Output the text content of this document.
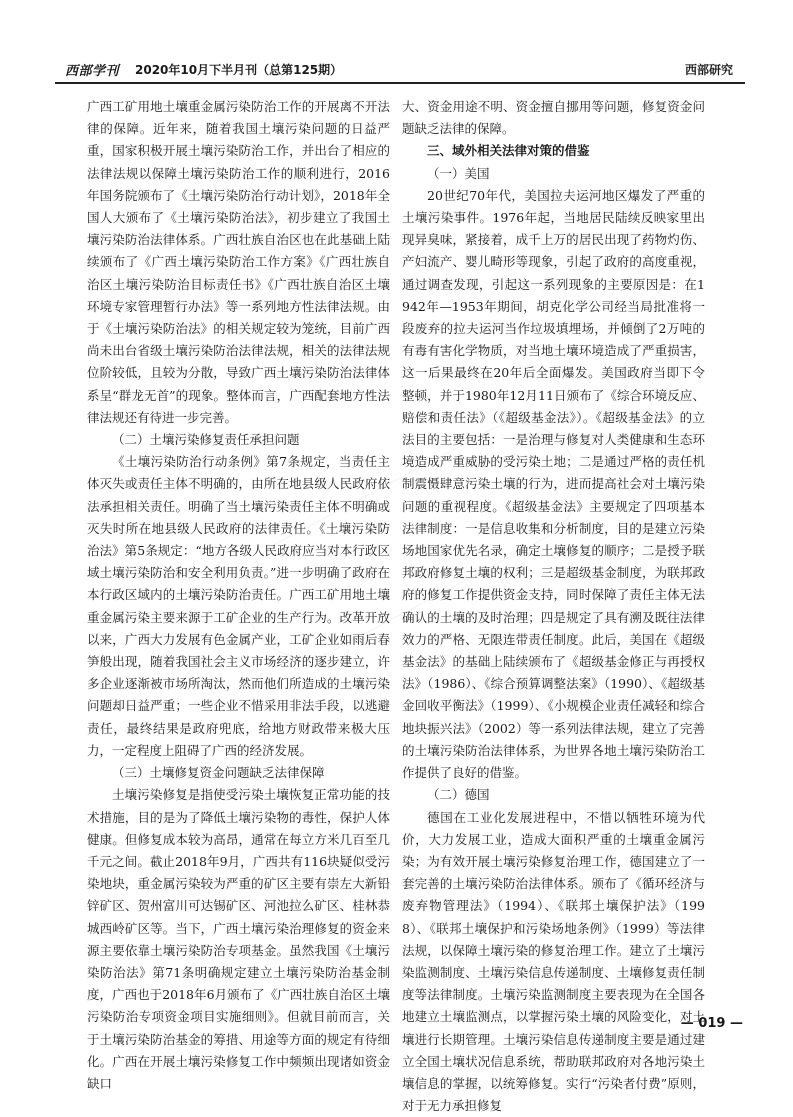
西部学刊 2020年10月下半月刊（总第125期）	西部研究

广西工矿用地土壤重金属污染防治工作的开展离不开法律的保障。近年来，随着我国土壤污染问题的日益严重，国家积极开展土壤污染防治工作，并出台了相应的法律法规以保障土壤污染防治工作的顺利进行，2016年国务院颁布了《土壤污染防治行动计划》，2018年全国人大颁布了《土壤污染防治法》，初步建立了我国土壤污染防治法律体系。广西壮族自治区也在此基础上陆续颁布了《广西土壤污染防治工作方案》《广西壮族自治区土壤污染防治目标责任书》《广西壮族自治区土壤环境专家管理暂行办法》等一系列地方性法律法规。由于《土壤污染防治法》的相关规定较为笼统，目前广西尚未出台省级土壤污染防治法律法规，相关的法律法规位阶较低，且较为分散，导致广西土壤污染防治法律体系呈“群龙无首”的现象。整体而言，广西配套地方性法律法规还有待进一步完善。

（二）土壤污染修复责任承担问题

《土壤污染防治行动条例》第7条规定，当责任主体灭失或责任主体不明确的，由所在地县级人民政府依法承担相关责任。明确了当土壤污染责任主体不明确或灭失时所在地县级人民政府的法律责任。《土壤污染防治法》第5条规定：“地方各级人民政府应当对本行政区域土壤污染防治和安全利用负责。”进一步明确了政府在本行政区域内的土壤污染防治责任。广西工矿用地土壤重金属污染主要来源于工矿企业的生产行为。改革开放以来，广西大力发展有色金属产业，工矿企业如雨后春笋般出现，随着我国社会主义市场经济的逐步建立，许多企业逐渐被市场所淘汰，然而他们所造成的土壤污染问题却日益严重；一些企业不惜采用非法手段，以逃避责任，最终结果是政府兜底，给地方财政带来极大压力，一定程度上阻碍了广西的经济发展。

（三）土壤修复资金问题缺乏法律保障

土壤污染修复是指使受污染土壤恢复正常功能的技术措施，目的是为了降低土壤污染物的毒性，保护人体健康。但修复成本较为高昂，通常在每立方米几百至几千元之间。截止2018年9月，广西共有116块疑似受污染地块，重金属污染较为严重的矿区主要有崇左大新铅锌矿区、贺州富川可达锡矿区、河池拉么矿区、桂林恭城西岭矿区等。当下，广西土壤污染治理修复的资金来源主要依靠土壤污染防治专项基金。虽然我国《土壤污染防治法》第71条明确规定建立土壤污染防治基金制度，广西也于2018年6月颁布了《广西壮族自治区土壤污染防治专项资金项目实施细则》。但就目前而言，关于土壤污染防治基金的筹措、用途等方面的规定有待细化。广西在开展土壤污染修复工作中频频出现诸如资金缺口

大、资金用途不明、资金擅自挪用等问题，修复资金问题缺乏法律的保障。

三、域外相关法律对策的借鉴
（一）美国

20世纪70年代，美国拉夫运河地区爆发了严重的土壤污染事件。1976年起，当地居民陆续反映家里出现异臭味，紧接着，成千上万的居民出现了药物灼伤、产妇流产、婴儿畸形等现象，引起了政府的高度重视，通过调查发现，引起这一系列现象的主要原因是：在1942年—1953年期间，胡克化学公司经当局批准将一段废弃的拉夫运河当作垃圾填埋场，并倾倒了2万吨的有毒有害化学物质，对当地土壤环境造成了严重损害，这一后果最终在20年后全面爆发。美国政府当即下令整顿，并于1980年12月11日颁布了《综合环境反应、赔偿和责任法》（《超级基金法》）。《超级基金法》的立法目的主要包括：一是治理与修复对人类健康和生态环境造成严重威胁的受污染土地；二是通过严格的责任机制震慑肆意污染土壤的行为，进而提高社会对土壤污染问题的重视程度。《超级基金法》主要规定了四项基本法律制度：一是信息收集和分析制度，目的是建立污染场地国家优先名录，确定土壤修复的顺序；二是授予联邦政府修复土壤的权利；三是超级基金制度，为联邦政府的修复工作提供资金支持，同时保障了责任主体无法确认的土壤的及时治理；四是规定了具有溯及既往法律效力的严格、无限连带责任制度。此后，美国在《超级基金法》的基础上陆续颁布了《超级基金修正与再授权法》（1986）、《综合预算调整法案》（1990）、《超级基金回收平衡法》（1999）、《小规模企业责任减轻和综合地块振兴法》（2002）等一系列法律法规，建立了完善的土壤污染防治法律体系，为世界各地土壤污染防治工作提供了良好的借鉴。

（二）德国

德国在工业化发展进程中，不惜以牺牲环境为代价，大力发展工业，造成大面积严重的土壤重金属污染；为有效开展土壤污染修复治理工作，德国建立了一套完善的土壤污染防治法律体系。颁布了《循环经济与废弃物管理法》（1994）、《联邦土壤保护法》（1998）、《联邦土壤保护和污染场地条例》（1999）等法律法规，以保障土壤污染的修复治理工作。建立了土壤污染监测制度、土壤污染信息传递制度、土壤修复责任制度等法律制度。土壤污染监测制度主要表现为在全国各地建立土壤监测点，以掌握污染土壤的风险变化，对土壤进行长期管理。土壤污染信息传递制度主要是通过建立全国土壤状况信息系统，帮助联邦政府对各地污染土壤信息的掌握，以统筹修复。实行“污染者付费”原则，对于无力承担修复

— 019 —
